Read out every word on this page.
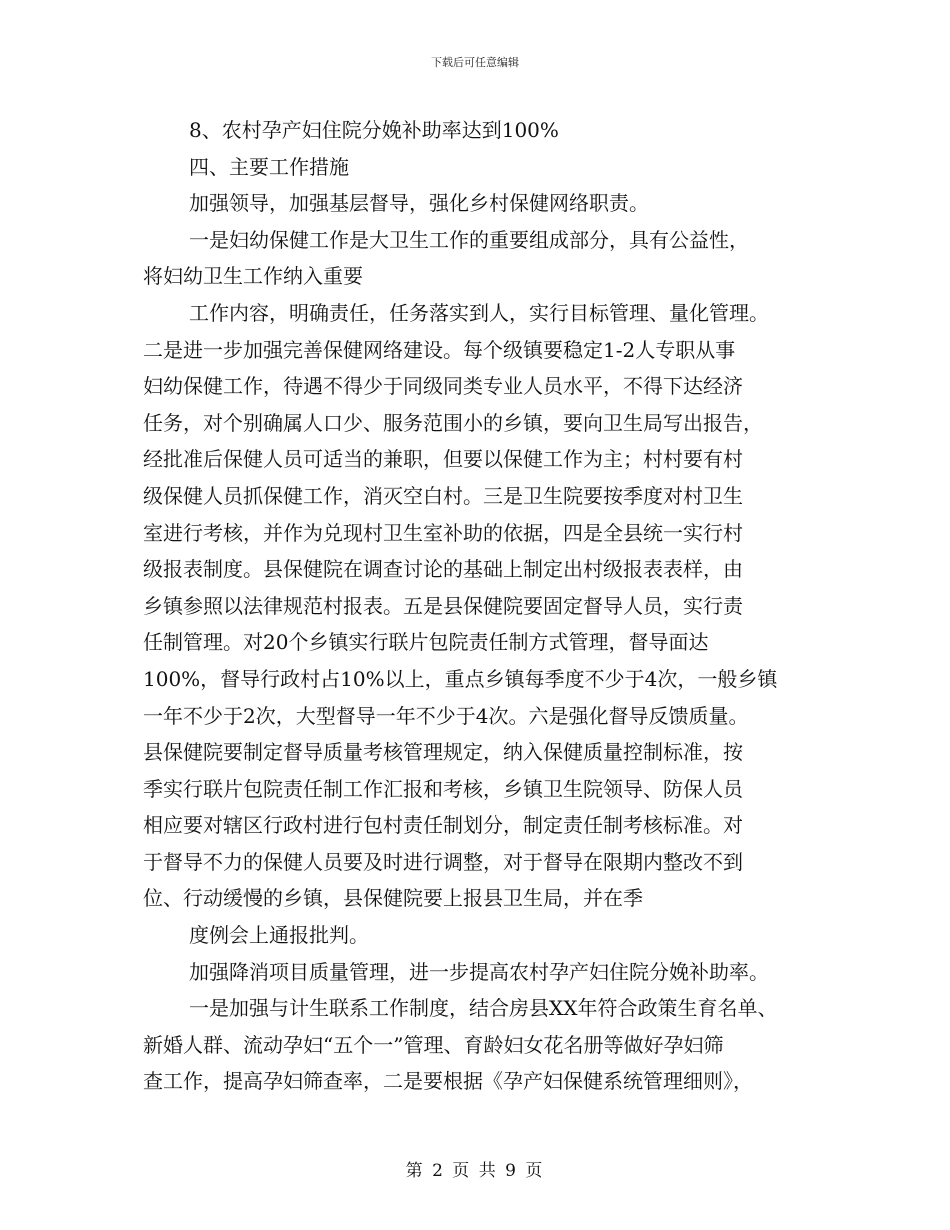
下载后可任意编辑
8、农村孕产妇住院分娩补助率达到100%
四、主要工作措施
加强领导，加强基层督导，强化乡村保健网络职责。
一是妇幼保健工作是大卫生工作的重要组成部分，具有公益性，
将妇幼卫生工作纳入重要
工作内容，明确责任，任务落实到人，实行目标管理、量化管理。
二是进一步加强完善保健网络建设。每个级镇要稳定1-2人专职从事
妇幼保健工作，待遇不得少于同级同类专业人员水平，不得下达经济
任务，对个别确属人口少、服务范围小的乡镇，要向卫生局写出报告，
经批准后保健人员可适当的兼职，但要以保健工作为主；村村要有村
级保健人员抓保健工作，消灭空白村。三是卫生院要按季度对村卫生
室进行考核，并作为兑现村卫生室补助的依据，四是全县统一实行村
级报表制度。县保健院在调查讨论的基础上制定出村级报表表样，由
乡镇参照以法律规范村报表。五是县保健院要固定督导人员，实行责
任制管理。对20个乡镇实行联片包院责任制方式管理，督导面达
100%，督导行政村占10%以上，重点乡镇每季度不少于4次，一般乡镇
一年不少于2次，大型督导一年不少于4次。六是强化督导反馈质量。
县保健院要制定督导质量考核管理规定，纳入保健质量控制标准，按
季实行联片包院责任制工作汇报和考核，乡镇卫生院领导、防保人员
相应要对辖区行政村进行包村责任制划分，制定责任制考核标准。对
于督导不力的保健人员要及时进行调整，对于督导在限期内整改不到
位、行动缓慢的乡镇，县保健院要上报县卫生局，并在季
度例会上通报批判。
加强降消项目质量管理，进一步提高农村孕产妇住院分娩补助率。
一是加强与计生联系工作制度，结合房县XX年符合政策生育名单、
新婚人群、流动孕妇“五个一”管理、育龄妇女花名册等做好孕妇筛
查工作，提高孕妇筛查率，二是要根据《孕产妇保健系统管理细则》，
第 2 页 共 9 页
